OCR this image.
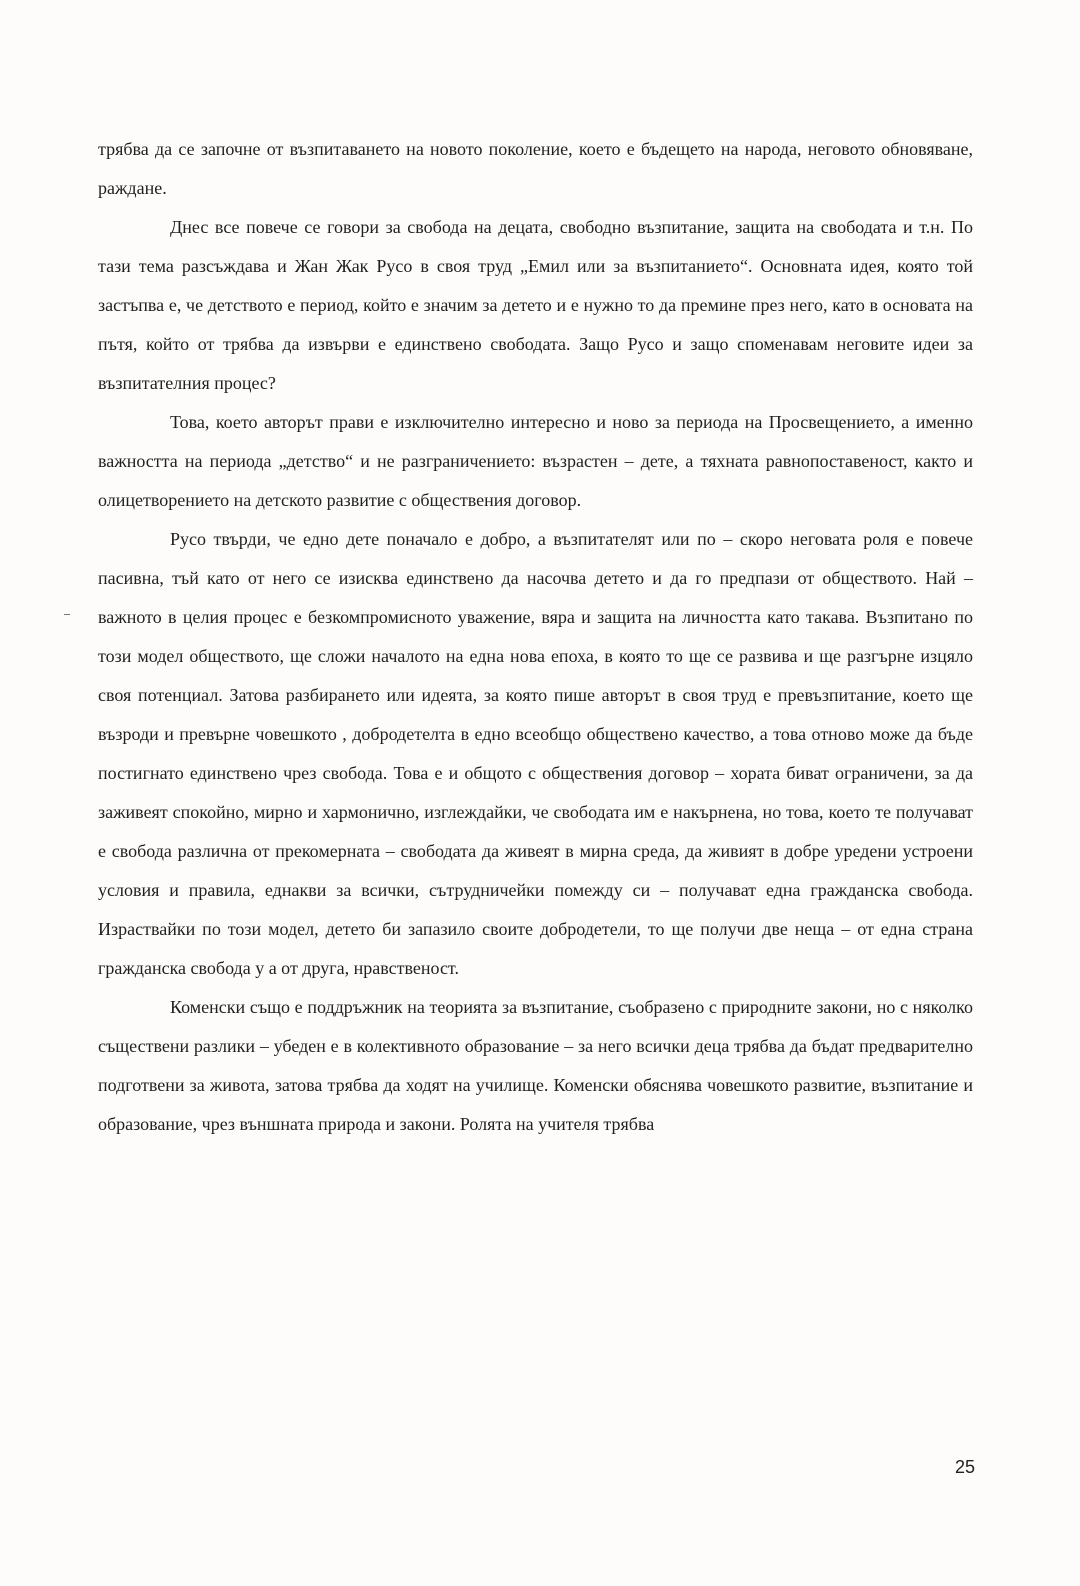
трябва да се започне от възпитаването на новото поколение, което е бъдещето на народа, неговото обновяване, раждане.

Днес все повече се говори за свобода на децата, свободно възпитание, защита на свободата и т.н. По тази тема разсъждава и Жан Жак Русо в своя труд „Емил или за възпитанието“. Основната идея, която той застъпва е, че детството е период, който е значим за детето и е нужно то да премине през него, като в основата на пътя, който от трябва да извърви е единствено свободата. Защо Русо и защо споменавам неговите идеи за възпитателния процес?

Това, което авторът прави е изключително интересно и ново за периода на Просвещението, а именно важността на периода „детство“ и не разграничението: възрастен – дете, а тяхната равнопоставеност, както и олицетворението на детското развитие с обществения договор.

Русо твърди, че едно дете поначало е добро, а възпитателят или по – скоро неговата роля е повече пасивна, тъй като от него се изисква единствено да насочва детето и да го предпази от обществото. Най – важното в целия процес е безкомпромисното уважение, вяра и защита на личността като такава. Възпитано по този модел обществото, ще сложи началото на една нова епоха, в която то ще се развива и ще разгърне изцяло своя потенциал. Затова разбирането или идеята, за която пише авторът в своя труд е превъзпитание, което ще възроди и превърне човешкото , добродетелта в едно всеобщо обществено качество, а това отново може да бъде постигнато единствено чрез свобода. Това е и общото с обществения договор – хората биват ограничени, за да заживеят спокойно, мирно и хармонично, изглеждайки, че свободата им е накърнена, но това, което те получават е свобода различна от прекомерната – свободата да живеят в мирна среда, да живият в добре уредени устроени условия и правила, еднакви за всички, сътрудничейки помежду си – получават една гражданска свобода. Израствайки по този модел, детето би запазило своите добродетели, то ще получи две неща – от една страна гражданска свобода у а от друга, нравственост.

Коменски също е поддръжник на теорията за възпитание, съобразено с природните закони, но с няколко съществени разлики – убеден е в колективното образование – за него всички деца трябва да бъдат предварително подготвени за живота, затова трябва да ходят на училище. Коменски обяснява човешкото развитие, възпитание и образование, чрез външната природа и закони. Ролята на учителя трябва

25
